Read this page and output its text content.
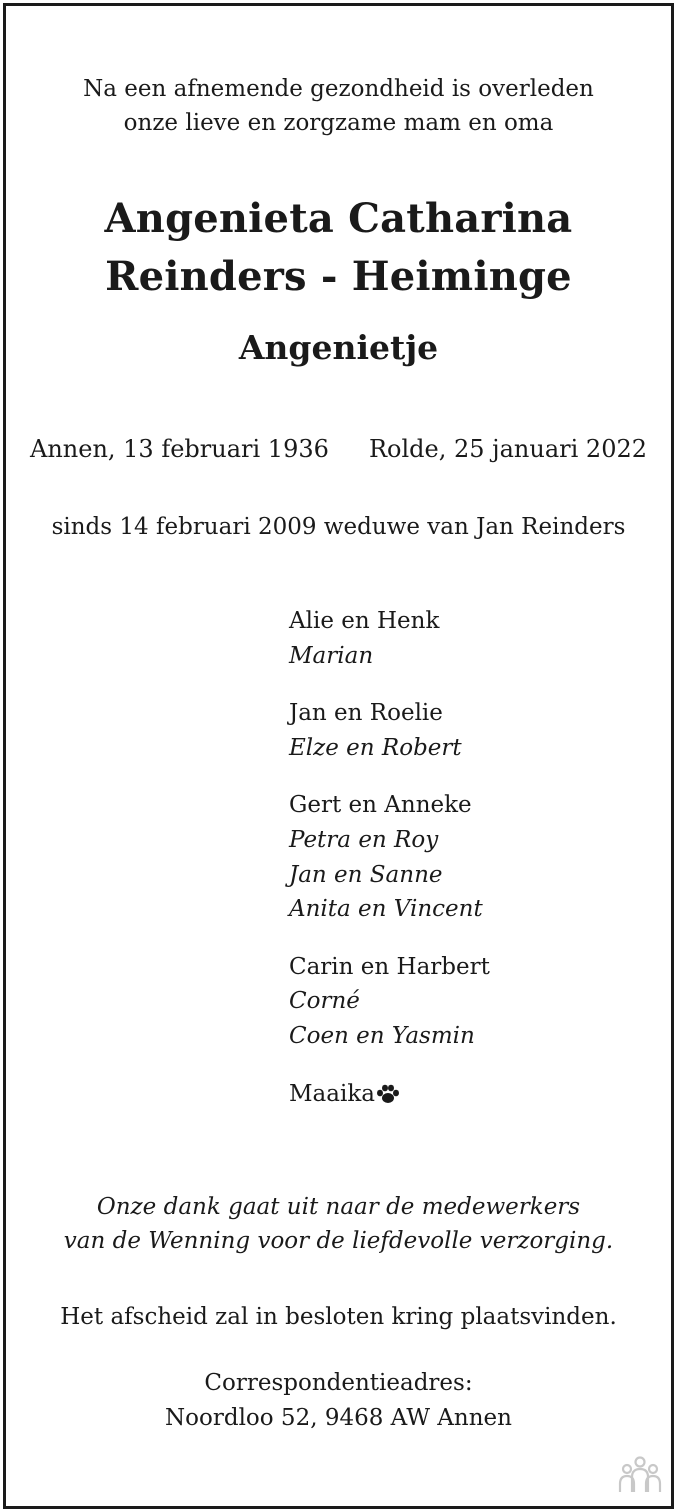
Na een afnemende gezondheid is overleden
onze lieve en zorgzame mam en oma
Angenieta Catharina
Reinders - Heiminge
Angenietje
Annen, 13 februari 1936 Rolde, 25 januari 2022
sinds 14 februari 2009 weduwe van Jan Reinders
Alie en Henk
Marian
Jan en Roelie
Elze en Robert
Gert en Anneke
Petra en Roy
Jan en Sanne
Anita en Vincent
Carin en Harbert
Corné
Coen en Yasmin
Maaika
Onze dank gaat uit naar de medewerkers
van de Wenning voor de liefdevolle verzorging.
Het afscheid zal in besloten kring plaatsvinden.
Correspondentieadres:
Noordloo 52, 9468 AW Annen
